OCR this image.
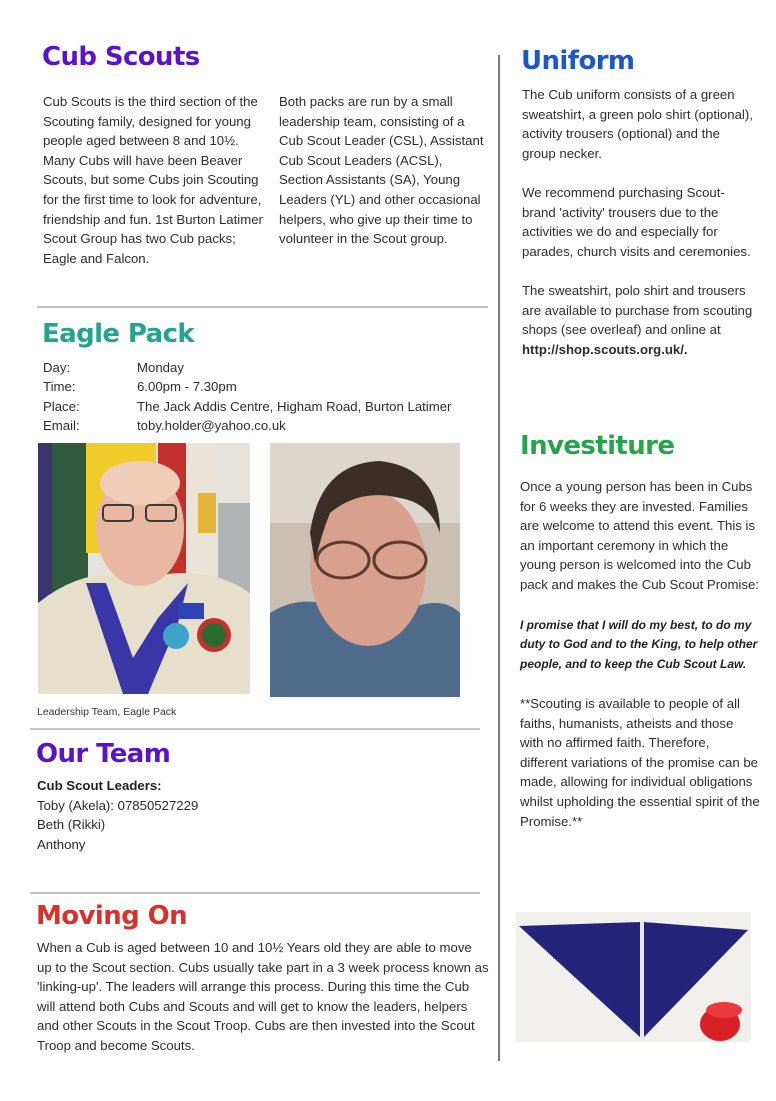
Cub Scouts

Cub Scouts is the third section of the Scouting family, designed for young people aged between 8 and 10½. Many Cubs will have been Beaver Scouts, but some Cubs join Scouting for the first time to look for adventure, friendship and fun. 1st Burton Latimer Scout Group has two Cub packs; Eagle and Falcon.

Both packs are run by a small leadership team, consisting of a Cub Scout Leader (CSL), Assistant Cub Scout Leaders (ACSL), Section Assistants (SA), Young Leaders (YL) and other occasional helpers, who give up their time to volunteer in the Scout group.

Eagle Pack
Day:	Monday
Time:	6.00pm - 7.30pm
Place:	The Jack Addis Centre, Higham Road, Burton Latimer
Email:	toby.holder@yahoo.co.uk
Leadership Team, Eagle Pack
Our Team
Cub Scout Leaders:
Toby (Akela): 07850527229
Beth (Rikki)
Anthony
Moving On

When a Cub is aged between 10 and 10½ Years old they are able to move up to the Scout section. Cubs usually take part in a 3 week process known as 'linking-up'. The leaders will arrange this process. During this time the Cub will attend both Cubs and Scouts and will get to know the leaders, helpers and other Scouts in the Scout Troop. Cubs are then invested into the Scout Troop and become Scouts.

Uniform

The Cub uniform consists of a green sweatshirt, a green polo shirt (optional), activity trousers (optional) and the group necker.

We recommend purchasing Scout-brand 'activity' trousers due to the activities we do and especially for parades, church visits and ceremonies.

The sweatshirt, polo shirt and trousers are available to purchase from scouting shops (see overleaf) and online at

http://shop.scouts.org.uk/.

Investiture

Once a young person has been in Cubs for 6 weeks they are invested. Families are welcome to attend this event. This is an important ceremony in which the young person is welcomed into the Cub pack and makes the Cub Scout Promise:

I promise that I will do my best, to do my duty to God and to the King, to help other people, and to keep the Cub Scout Law.

**Scouting is available to people of all faiths, humanists, atheists and those with no affirmed faith. Therefore, different variations of the promise can be made, allowing for individual obligations whilst upholding the essential spirit of the Promise.**
